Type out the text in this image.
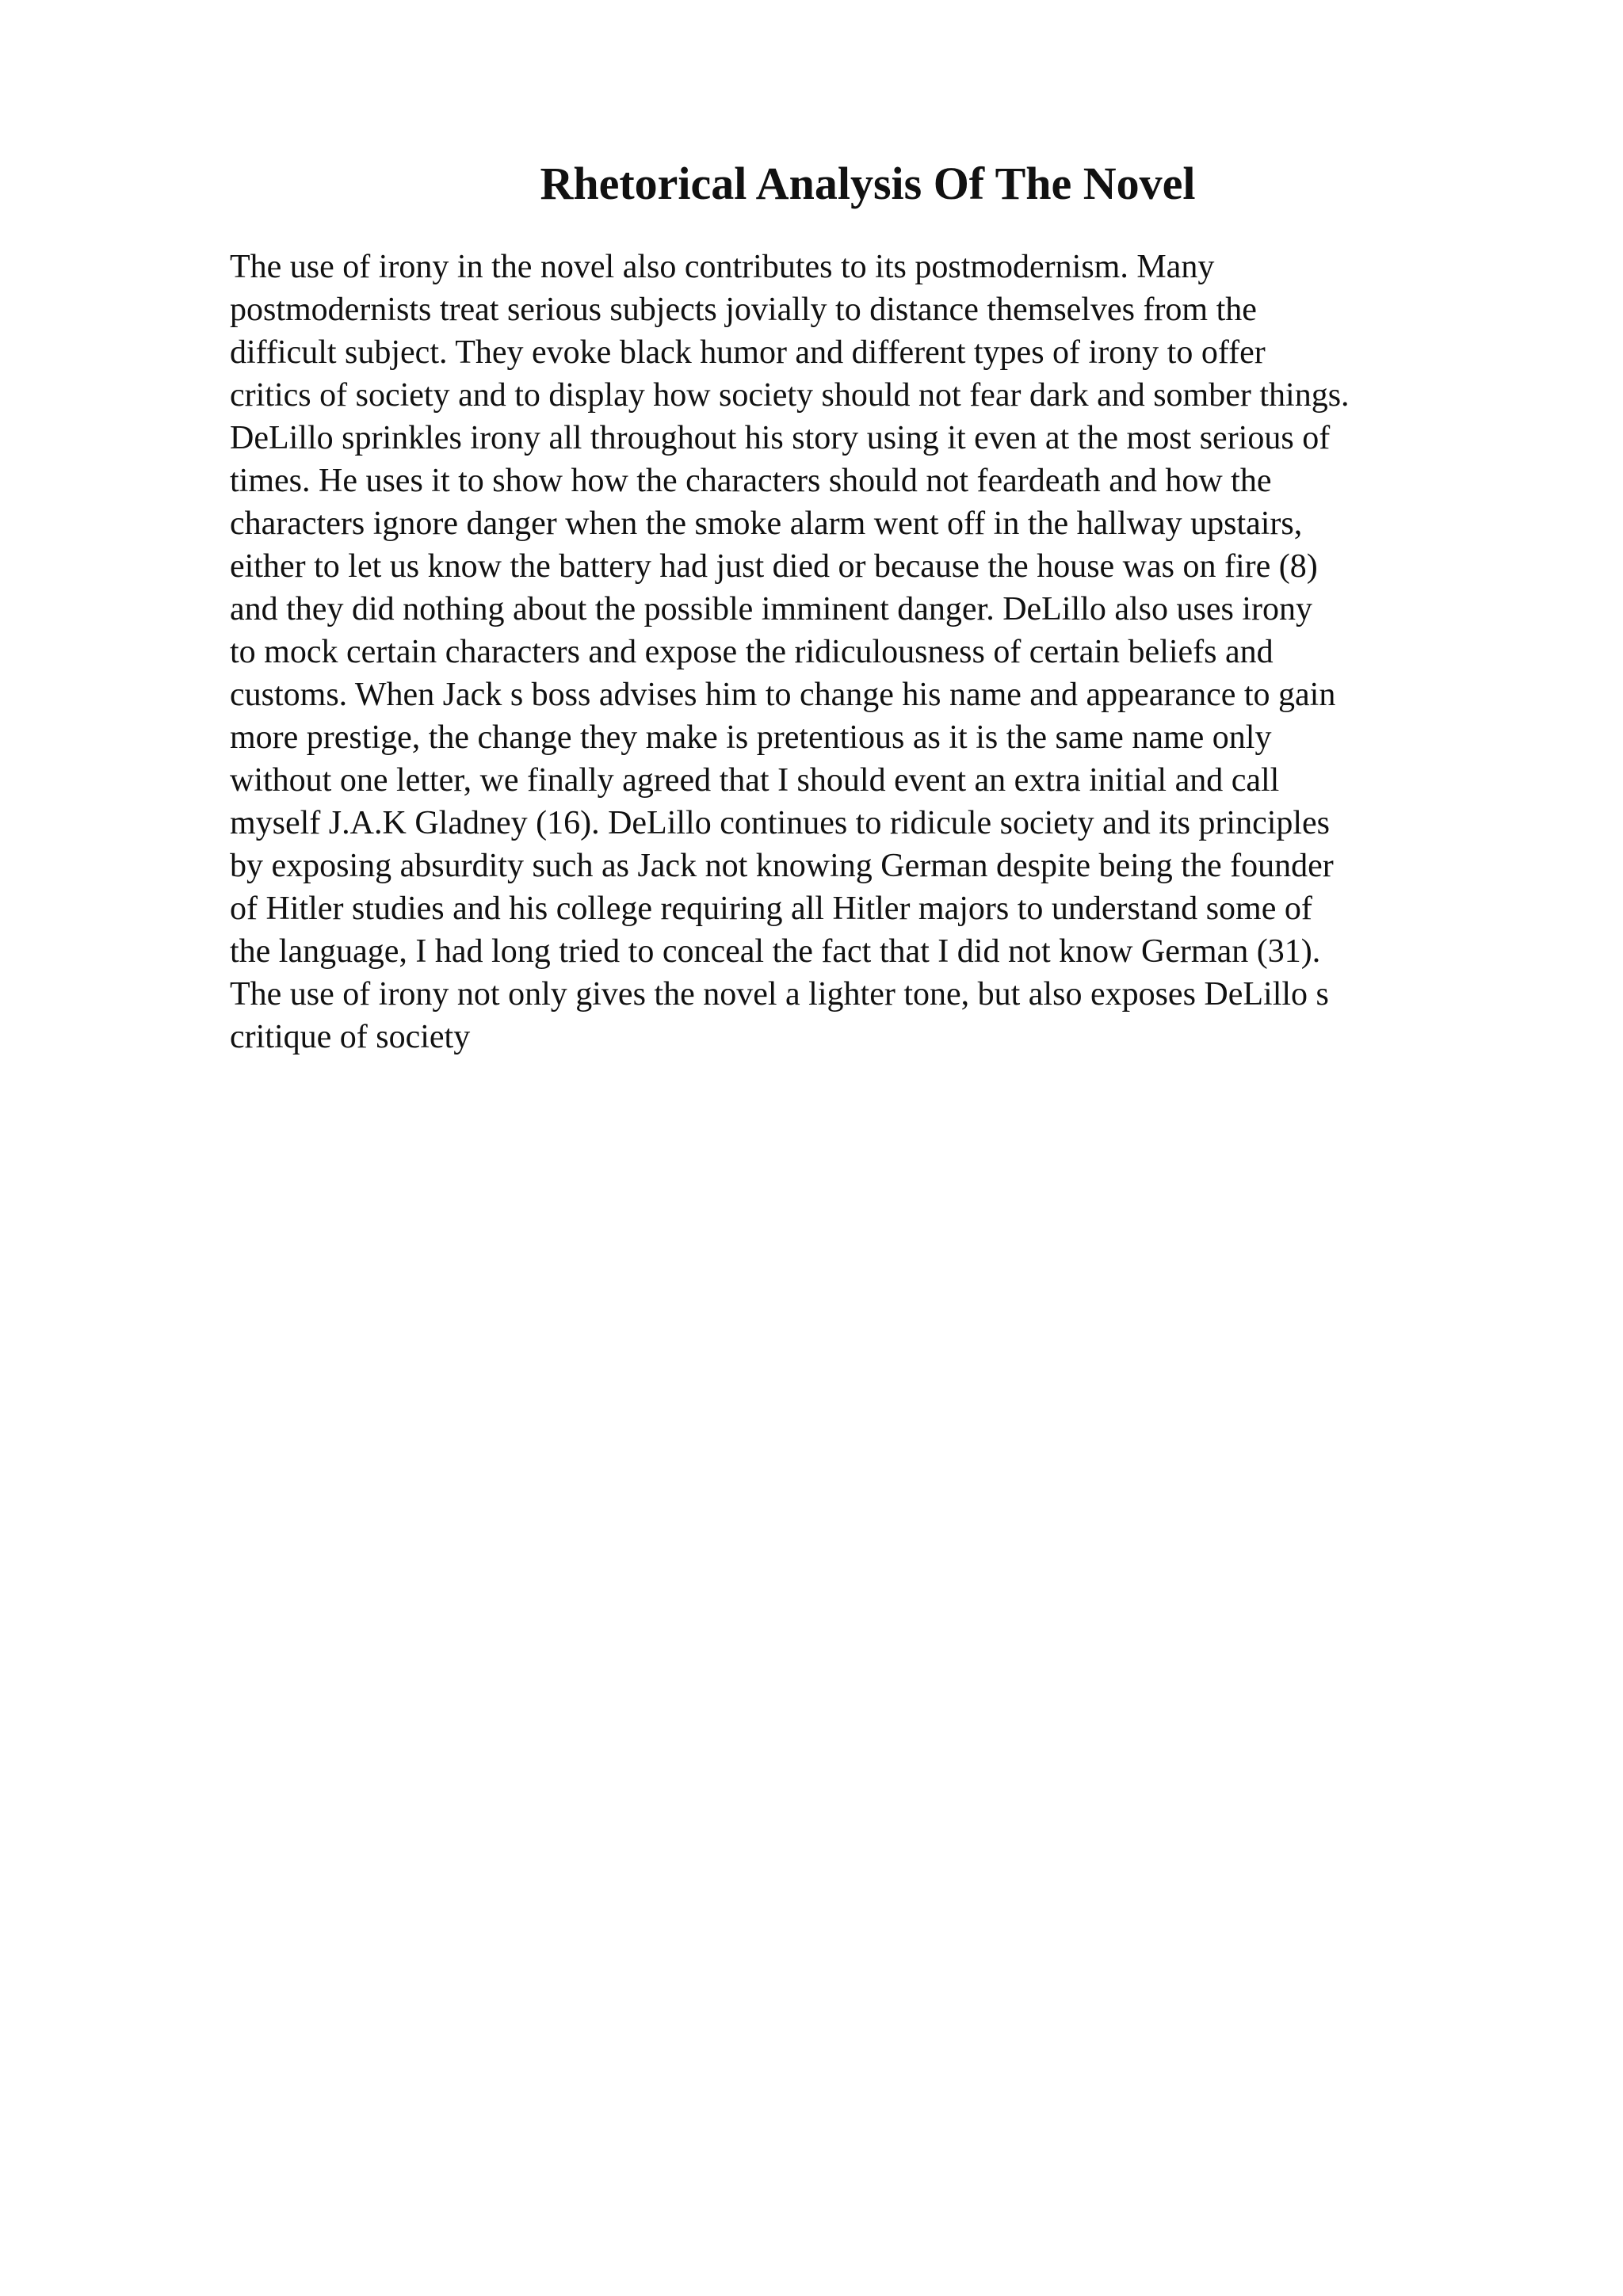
Rhetorical Analysis Of The Novel
The use of irony in the novel also contributes to its postmodernism. Many
postmodernists treat serious subjects jovially to distance themselves from the
difficult subject. They evoke black humor and different types of irony to offer
critics of society and to display how society should not fear dark and somber things.
DeLillo sprinkles irony all throughout his story using it even at the most serious of
times. He uses it to show how the characters should not feardeath and how the
characters ignore danger when the smoke alarm went off in the hallway upstairs,
either to let us know the battery had just died or because the house was on fire (8)
and they did nothing about the possible imminent danger. DeLillo also uses irony
to mock certain characters and expose the ridiculousness of certain beliefs and
customs. When Jack s boss advises him to change his name and appearance to gain
more prestige, the change they make is pretentious as it is the same name only
without one letter, we finally agreed that I should event an extra initial and call
myself J.A.K Gladney (16). DeLillo continues to ridicule society and its principles
by exposing absurdity such as Jack not knowing German despite being the founder
of Hitler studies and his college requiring all Hitler majors to understand some of
the language, I had long tried to conceal the fact that I did not know German (31).
The use of irony not only gives the novel a lighter tone, but also exposes DeLillo s
critique of society
